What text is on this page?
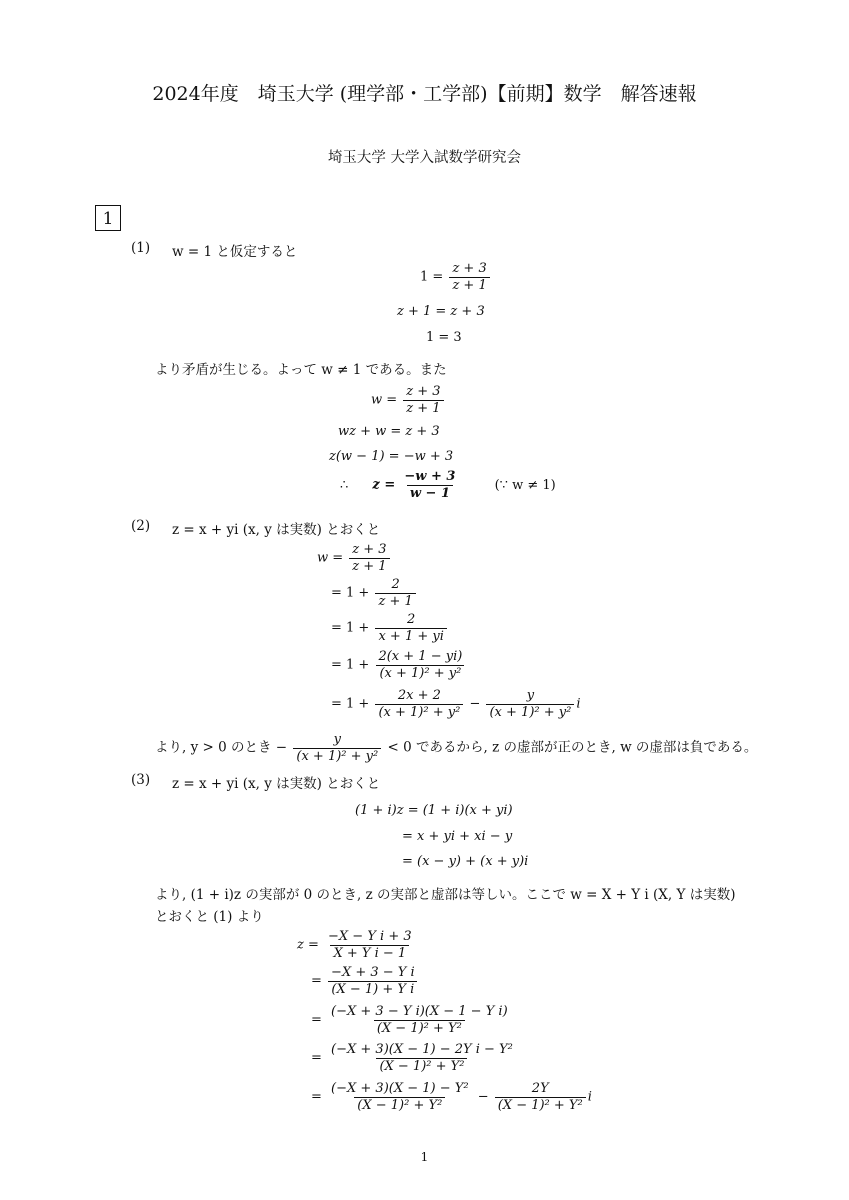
2024年度　埼玉大学 (理学部・工学部)【前期】数学　解答速報
埼玉大学 大学入試数学研究会
1
(1) w = 1 と仮定すると
$1 = \frac{z + 3}{z + 1}$
z + 1 = z + 3
1 = 3
より矛盾が生じる。よって w ≠ 1 である。また
$w = \frac{z + 3}{z + 1}$
wz + w = z + 3
z(w − 1) = −w + 3
∴ $z = \frac{-w + 3}{w - 1}$	(∵ w ≠ 1)
(2) z = x + yi (x, y は実数) とおくと
$w = \frac{z + 3}{z + 1}$
= $1 + \frac{2}{z + 1}$
= $1 + \frac{2}{x + 1 + yi}$
= $1 + \frac{2(x + 1 - yi)}{\text{(x + 1)² + y²}}$
= $1 + \frac{2x + 2}{\text{(x + 1)² + y²}} - \frac{y}{\text{(x + 1)² + y²}}$ i
より, y > 0 のとき − $\frac{y}{\text{(x + 1)² + y²}} < 0$ であるから, z の虚部が正のとき, w の虚部は負である。
(3) z = x + yi (x, y は実数) とおくと
(1 + i)z = (1 + i)(x + yi)
= x + yi + xi − y
= (x − y) + (x + y)i
より, (1 + i)z の実部が 0 のとき, z の実部と虚部は等しい。ここで w = X + Y i (X, Y は実数)
とおくと (1) より
$z = \frac{\text{−X − Y i + 3}}{\text{X + Y i − 1}}$
= $\frac{\text{−X + 3 − Y i}}{\text{(X − 1) + Y i}}$
= $\frac{\text{(−X + 3 − Y i)(X − 1 − Y i)}}{\text{(X − 1)² + Y²}}$
= $\frac{\text{(−X + 3)(X − 1) − 2Y i − Y²}}{\text{(X − 1)² + Y²}}$
= $\frac{\text{(−X + 3)(X − 1) − Y²}}{\text{(X − 1)² + Y²}} - \frac{2Y}{\text{(X − 1)² + Y²}}$ i
1
